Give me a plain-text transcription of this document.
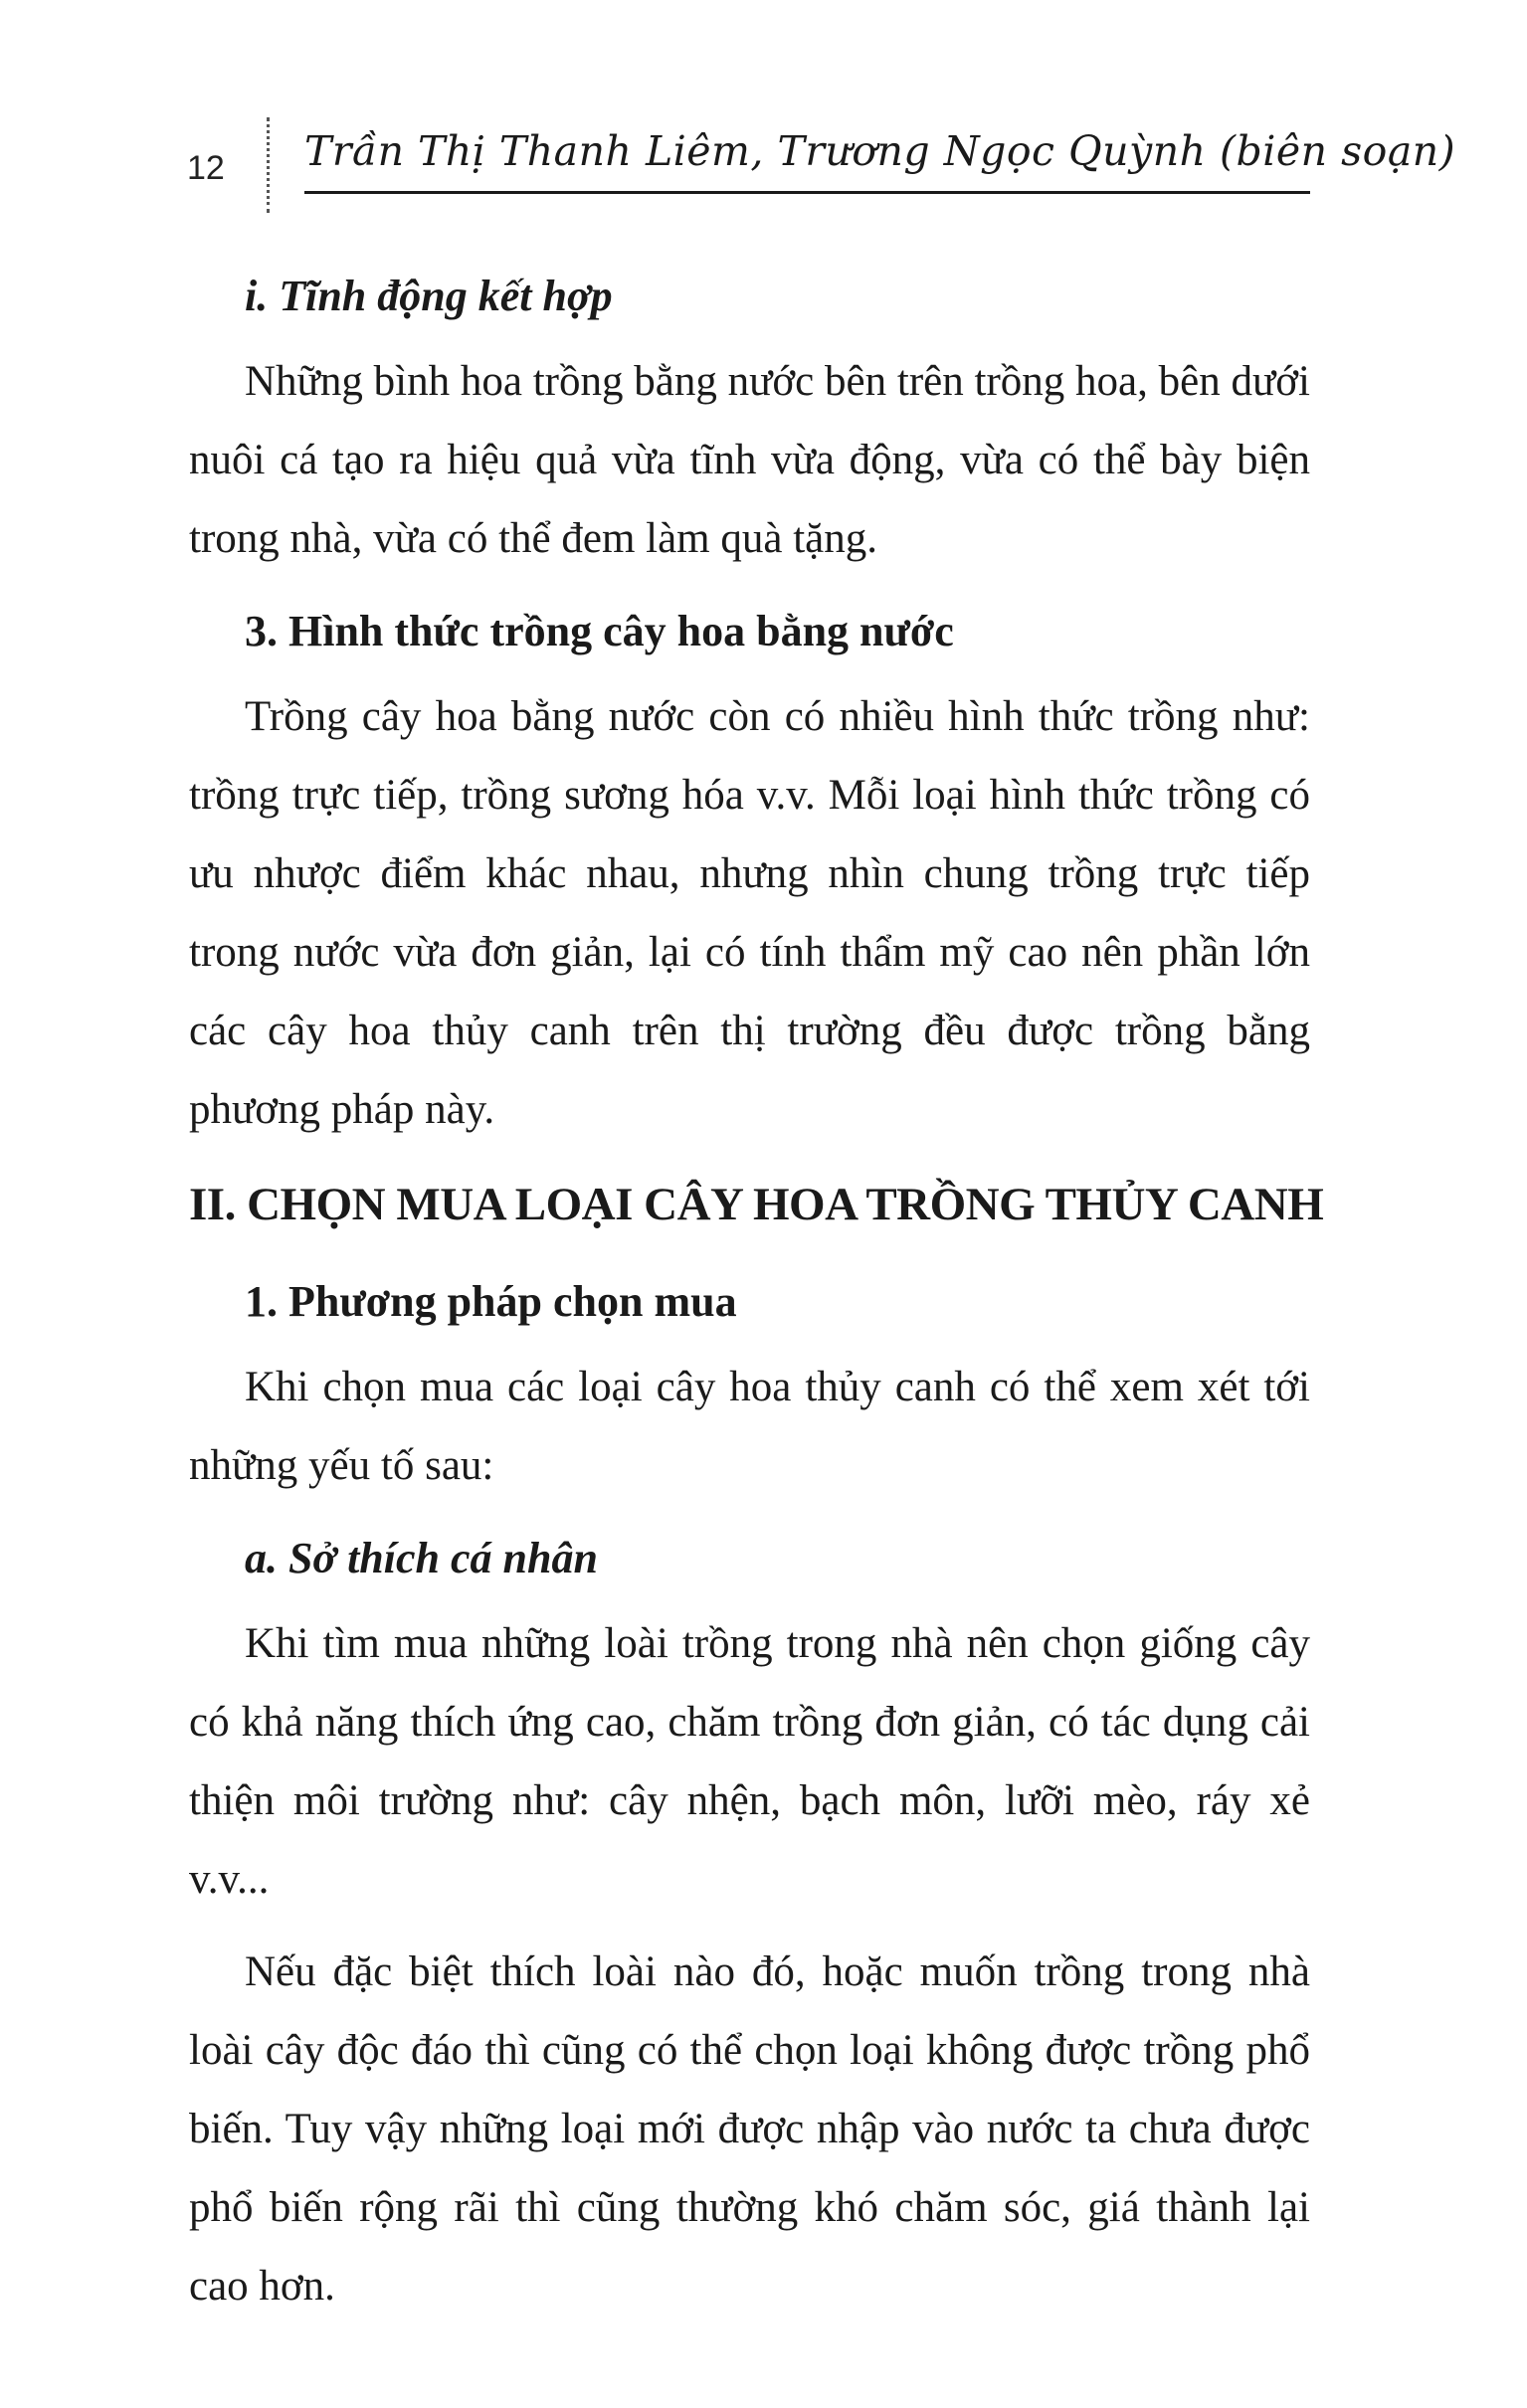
12 Trần Thị Thanh Liêm, Trương Ngọc Quỳnh (biên soạn)
i. Tĩnh động kết hợp

Những bình hoa trồng bằng nước bên trên trồng hoa, bên dưới nuôi cá tạo ra hiệu quả vừa tĩnh vừa động, vừa có thể bày biện trong nhà, vừa có thể đem làm quà tặng.

3. Hình thức trồng cây hoa bằng nước

Trồng cây hoa bằng nước còn có nhiều hình thức trồng như: trồng trực tiếp, trồng sương hóa v.v. Mỗi loại hình thức trồng có ưu nhược điểm khác nhau, nhưng nhìn chung trồng trực tiếp trong nước vừa đơn giản, lại có tính thẩm mỹ cao nên phần lớn các cây hoa thủy canh trên thị trường đều được trồng bằng phương pháp này.

II. CHỌN MUA LOẠI CÂY HOA TRỒNG THỦY CANH
1. Phương pháp chọn mua

Khi chọn mua các loại cây hoa thủy canh có thể xem xét tới những yếu tố sau:

a. Sở thích cá nhân

Khi tìm mua những loài trồng trong nhà nên chọn giống cây có khả năng thích ứng cao, chăm trồng đơn giản, có tác dụng cải thiện môi trường như: cây nhện, bạch môn, lưỡi mèo, ráy xẻ v.v...

Nếu đặc biệt thích loài nào đó, hoặc muốn trồng trong nhà loài cây độc đáo thì cũng có thể chọn loại không được trồng phổ biến. Tuy vậy những loại mới được nhập vào nước ta chưa được phổ biến rộng rãi thì cũng thường khó chăm sóc, giá thành lại cao hơn.
